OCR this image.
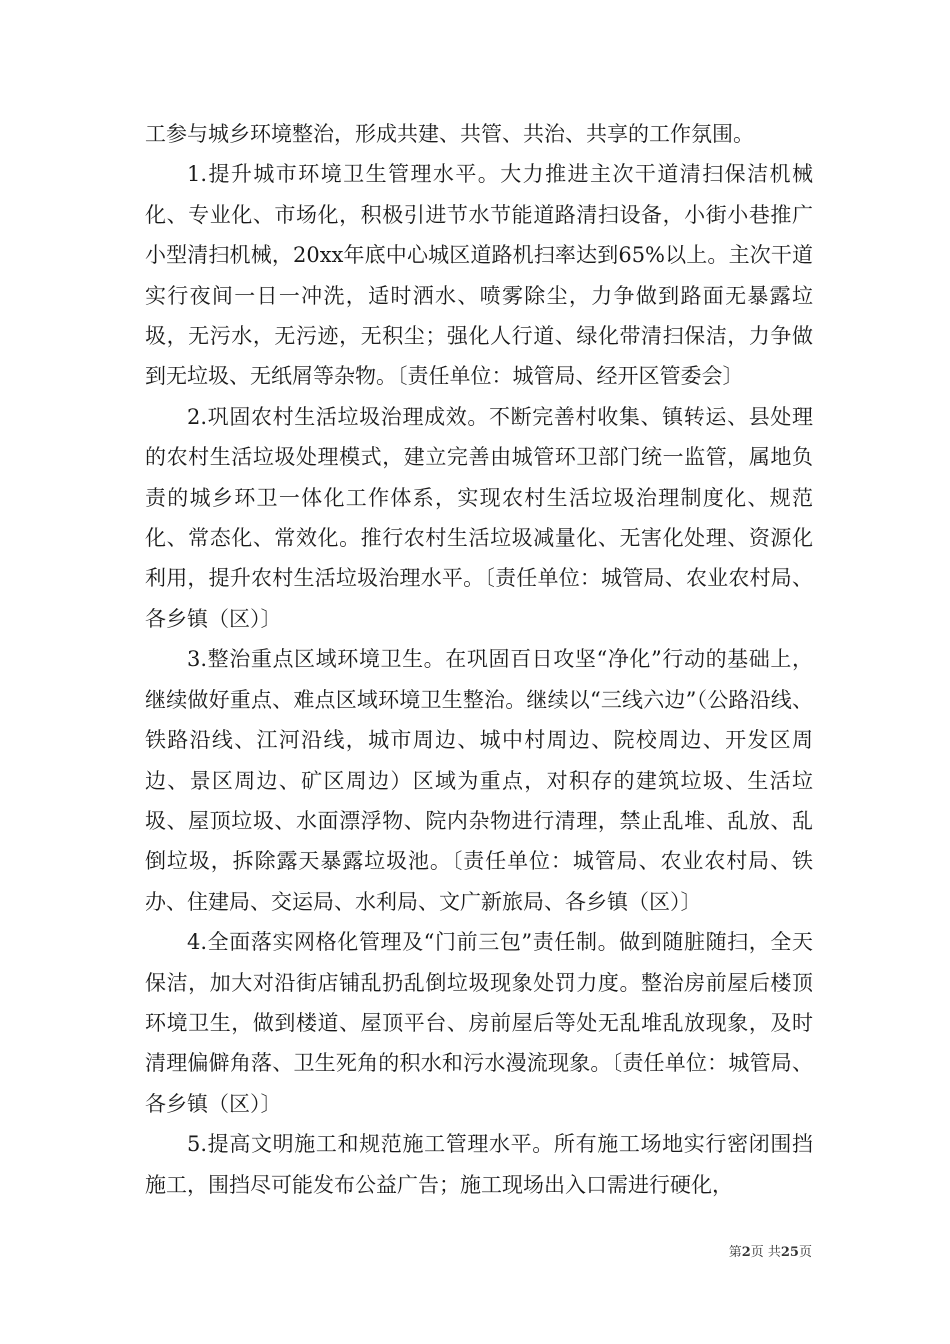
工参与城乡环境整治，形成共建、共管、共治、共享的工作氛围。

1.提升城市环境卫生管理水平。大力推进主次干道清扫保洁机械化、专业化、市场化，积极引进节水节能道路清扫设备，小街小巷推广小型清扫机械，20xx年底中心城区道路机扫率达到65%以上。主次干道实行夜间一日一冲洗，适时洒水、喷雾除尘，力争做到路面无暴露垃圾，无污水，无污迹，无积尘；强化人行道、绿化带清扫保洁，力争做到无垃圾、无纸屑等杂物。〔责任单位：城管局、经开区管委会〕

2.巩固农村生活垃圾治理成效。不断完善村收集、镇转运、县处理的农村生活垃圾处理模式，建立完善由城管环卫部门统一监管，属地负责的城乡环卫一体化工作体系，实现农村生活垃圾治理制度化、规范化、常态化、常效化。推行农村生活垃圾减量化、无害化处理、资源化利用，提升农村生活垃圾治理水平。〔责任单位：城管局、农业农村局、各乡镇（区）〕

3.整治重点区域环境卫生。在巩固百日攻坚“净化”行动的基础上，继续做好重点、难点区域环境卫生整治。继续以“三线六边”（公路沿线、铁路沿线、江河沿线，城市周边、城中村周边、院校周边、开发区周边、景区周边、矿区周边）区域为重点，对积存的建筑垃圾、生活垃圾、屋顶垃圾、水面漂浮物、院内杂物进行清理，禁止乱堆、乱放、乱倒垃圾，拆除露天暴露垃圾池。〔责任单位：城管局、农业农村局、铁办、住建局、交运局、水利局、文广新旅局、各乡镇（区）〕

4.全面落实网格化管理及“门前三包”责任制。做到随脏随扫，全天保洁，加大对沿街店铺乱扔乱倒垃圾现象处罚力度。整治房前屋后楼顶环境卫生，做到楼道、屋顶平台、房前屋后等处无乱堆乱放现象，及时清理偏僻角落、卫生死角的积水和污水漫流现象。〔责任单位：城管局、各乡镇（区）〕

5.提高文明施工和规范施工管理水平。所有施工场地实行密闭围挡施工，围挡尽可能发布公益广告；施工现场出入口需进行硬化，

第2页 共25页
